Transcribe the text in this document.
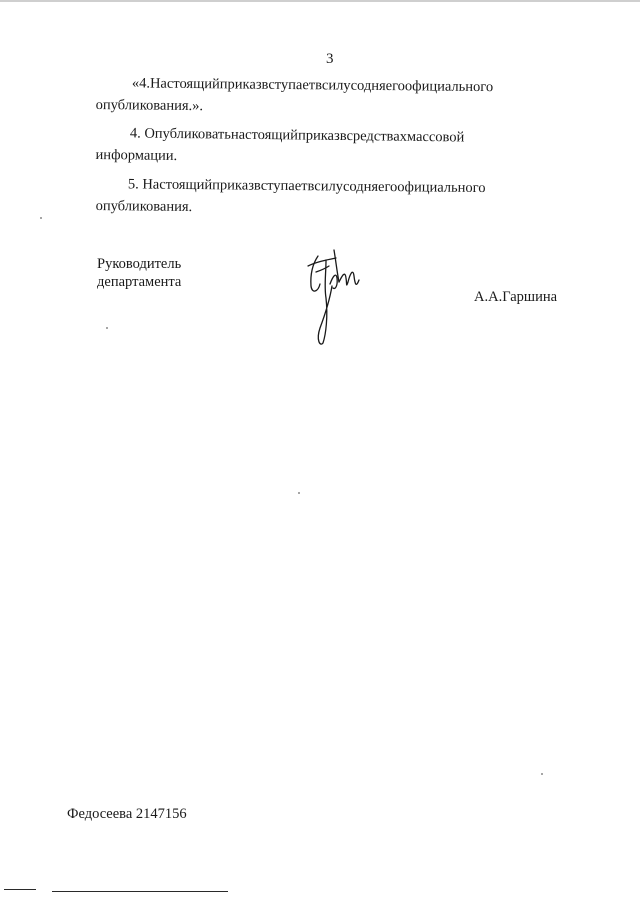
3
«4.Настоящийприказвступаетвсилусодняегоофициального
опубликования.».
4. Опубликоватьнастоящийприказвсредствахмассовой
информации.
5. Настоящийприказвступаетвсилусодняегоофициального
опубликования.
Руководитель
департамента
А.А.Гаршина
Федосеева 2147156
